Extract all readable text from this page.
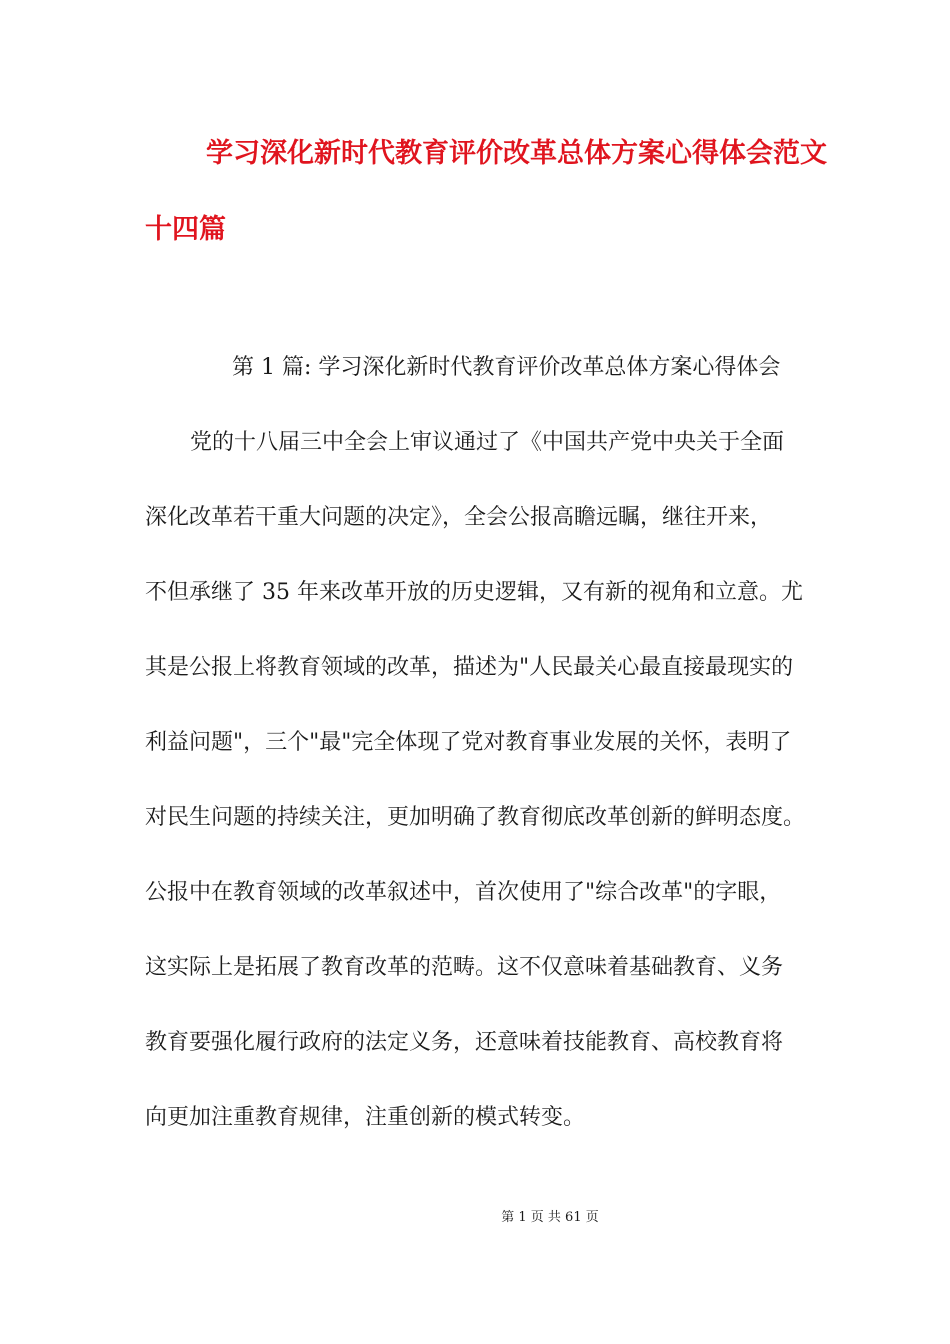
学习深化新时代教育评价改革总体方案心得体会范文
十四篇
第 1 篇: 学习深化新时代教育评价改革总体方案心得体会
党的十八届三中全会上审议通过了《中国共产党中央关于全面
深化改革若干重大问题的决定》，全会公报高瞻远瞩，继往开来，
不但承继了 35 年来改革开放的历史逻辑，又有新的视角和立意。尤
其是公报上将教育领域的改革，描述为"人民最关心最直接最现实的
利益问题"，三个"最"完全体现了党对教育事业发展的关怀，表明了
对民生问题的持续关注，更加明确了教育彻底改革创新的鲜明态度。
公报中在教育领域的改革叙述中，首次使用了"综合改革"的字眼，
这实际上是拓展了教育改革的范畴。这不仅意味着基础教育、义务
教育要强化履行政府的法定义务，还意味着技能教育、高校教育将
向更加注重教育规律，注重创新的模式转变。
第 1 页 共 61 页
